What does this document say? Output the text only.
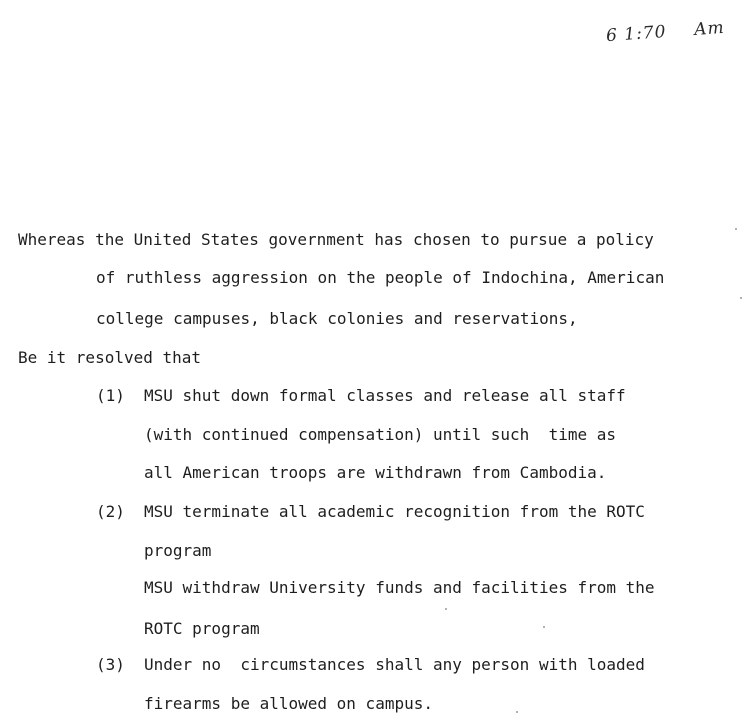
6 1:70 Am
Whereas the United States government has chosen to pursue a policy
of ruthless aggression on the people of Indochina, American
college campuses, black colonies and reservations,
Be it resolved that
(1) MSU shut down formal classes and release all staff
(with continued compensation) until such  time as
all American troops are withdrawn from Cambodia.
(2) MSU terminate all academic recognition from the ROTC
program
MSU withdraw University funds and facilities from the
ROTC program
(3) Under no  circumstances shall any person with loaded
firearms be allowed on campus.
